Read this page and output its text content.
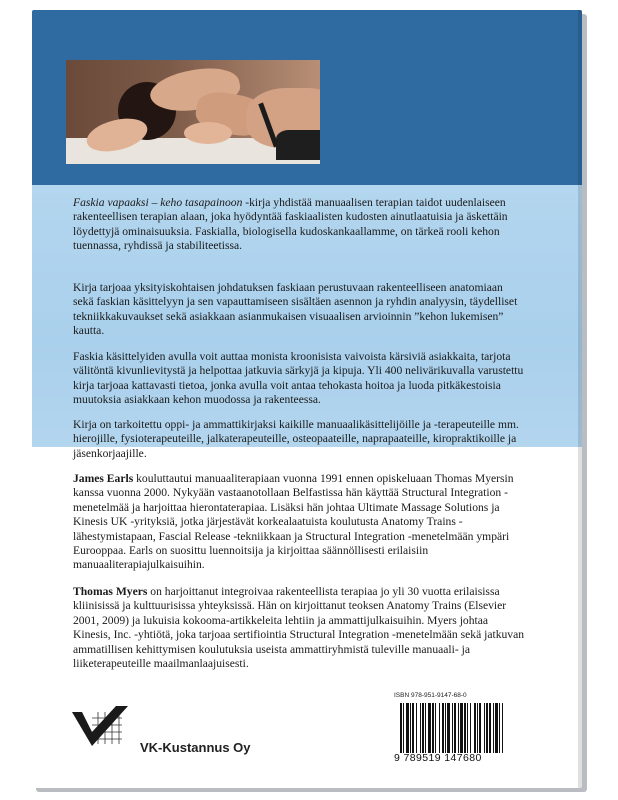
Faskia vapaaksi – keho tasapainoon -kirja yhdistää manuaalisen terapian taidot uudenlaiseen rakenteellisen terapian alaan, joka hyödyntää faskiaalisten kudosten ainutlaatuisia ja äskettäin löydettyjä ominaisuuksia. Faskialla, biologisella kudoskankaallamme, on tärkeä rooli kehon tuennassa, ryhdissä ja stabiliteetissa.

Kirja tarjoaa yksityiskohtaisen johdatuksen faskiaan perustuvaan rakenteelliseen anatomiaan sekä faskian käsittelyyn ja sen vapauttamiseen sisältäen asennon ja ryhdin analyysin, täydelliset tekniikkakuvaukset sekä asiakkaan asianmukaisen visuaalisen arvioinnin ”kehon lukemisen” kautta.

Faskia käsittelyiden avulla voit auttaa monista kroonisista vaivoista kärsiviä asiakkaita, tarjota välitöntä kivunlievitystä ja helpottaa jatkuvia särkyjä ja kipuja. Yli 400 nelivärikuvalla varustettu kirja tarjoaa kattavasti tietoa, jonka avulla voit antaa tehokasta hoitoa ja luoda pitkäkestoisia muutoksia asiakkaan kehon muodossa ja rakenteessa.

Kirja on tarkoitettu oppi- ja ammattikirjaksi kaikille manuaalikäsittelijöille ja -terapeuteille mm. hierojille, fysioterapeuteille, jalkaterapeuteille, osteopaateille, naprapaateille, kiropraktikoille ja jäsenkorjaajille.

James Earls kouluttautui manuaaliterapiaan vuonna 1991 ennen opiskeluaan Thomas Myersin kanssa vuonna 2000. Nykyään vastaanotollaan Belfastissa hän käyttää Structural Integration -menetelmää ja harjoittaa hierontaterapiaa. Lisäksi hän johtaa Ultimate Massage Solutions ja Kinesis UK -yrityksiä, jotka järjestävät korkealaatuista koulutusta Anatomy Trains -lähestymistapaan, Fascial Release -tekniikkaan ja Structural Integration -menetelmään ympäri Eurooppaa. Earls on suosittu luennoitsija ja kirjoittaa säännöllisesti erilaisiin manuaaliterapiajulkaisuihin.

Thomas Myers on harjoittanut integroivaa rakenteellista terapiaa jo yli 30 vuotta erilaisissa kliinisissä ja kulttuurisissa yhteyksissä. Hän on kirjoittanut teoksen Anatomy Trains (Elsevier 2001, 2009) ja lukuisia kokooma-artikkeleita lehtiin ja ammattijulkaisuihin. Myers johtaa Kinesis, Inc. -yhtiötä, joka tarjoaa sertifiointia Structural Integration -menetelmään sekä jatkuvan ammatillisen kehittymisen koulutuksia useista ammattiryhmistä tuleville manuaali- ja liiketerapeuteille maailmanlaajuisesti.

ISBN 978-951-9147-68-0
9 789519 147680
VK-Kustannus Oy
